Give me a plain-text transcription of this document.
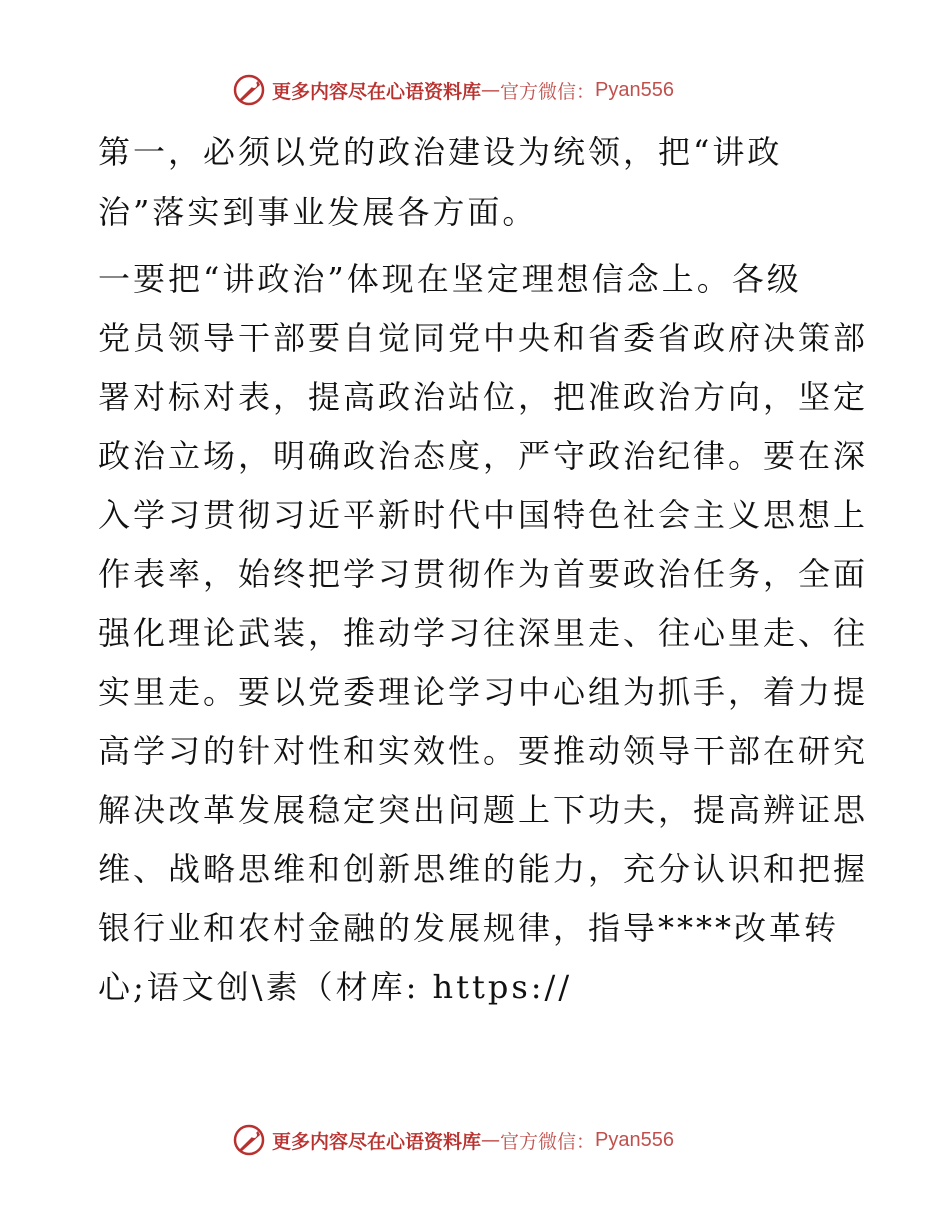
更多内容尽在心语资料库 — 官方微信： Pyan556
第一，必须以党的政治建设为统领，把“讲政
治”落实到事业发展各方面。
一要把“讲政治”体现在坚定理想信念上。各级
党员领导干部要自觉同党中央和省委省政府决策部
署对标对表，提高政治站位，把准政治方向，坚定
政治立场，明确政治态度，严守政治纪律。要在深
入学习贯彻习近平新时代中国特色社会主义思想上
作表率，始终把学习贯彻作为首要政治任务，全面
强化理论武装，推动学习往深里走、往心里走、往
实里走。要以党委理论学习中心组为抓手，着力提
高学习的针对性和实效性。要推动领导干部在研究
解决改革发展稳定突出问题上下功夫，提高辨证思
维、战略思维和创新思维的能力，充分认识和把握
银行业和农村金融的发展规律，指导****改革转
心;语文创\素（材库: https://
更多内容尽在心语资料库 — 官方微信： Pyan556
